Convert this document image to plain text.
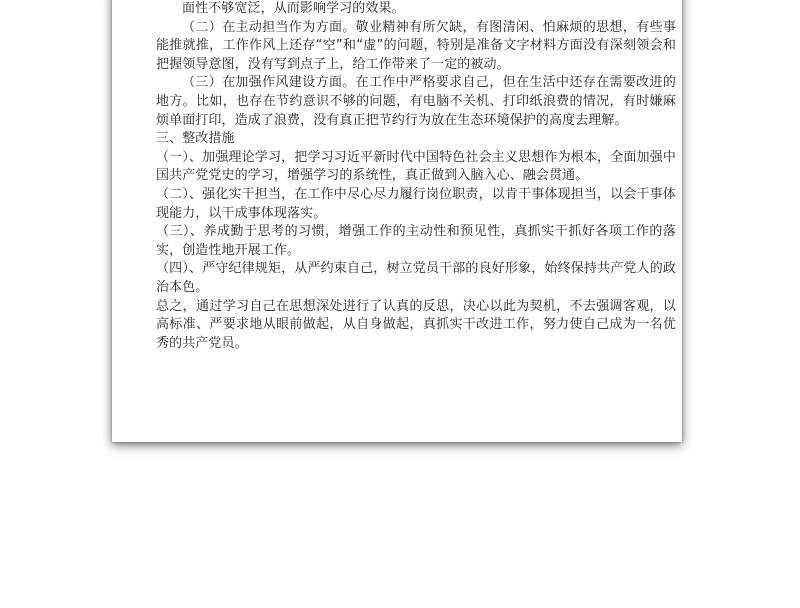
面性不够宽泛，从而影响学习的效果。

（二）在主动担当作为方面。敬业精神有所欠缺，有图清闲、怕麻烦的思想，有些事能推就推，工作作风上还存“空”和“虚”的问题，特别是准备文字材料方面没有深刻领会和把握领导意图，没有写到点子上，给工作带来了一定的被动。

（三）在加强作风建设方面。在工作中严格要求自己，但在生活中还存在需要改进的地方。比如，也存在节约意识不够的问题，有电脑不关机、打印纸浪费的情况，有时嫌麻烦单面打印，造成了浪费，没有真正把节约行为放在生态环境保护的高度去理解。

三、整改措施

（一）、加强理论学习，把学习习近平新时代中国特色社会主义思想作为根本，全面加强中国共产党党史的学习，增强学习的系统性，真正做到入脑入心、融会贯通。

（二）、强化实干担当，在工作中尽心尽力履行岗位职责，以肯干事体现担当，以会干事体现能力，以干成事体现落实。

（三）、养成勤于思考的习惯，增强工作的主动性和预见性，真抓实干抓好各项工作的落实，创造性地开展工作。

（四）、严守纪律规矩，从严约束自己，树立党员干部的良好形象，始终保持共产党人的政治本色。

总之，通过学习自己在思想深处进行了认真的反思，决心以此为契机，不去强调客观，以高标准、严要求地从眼前做起，从自身做起，真抓实干改进工作，努力使自己成为一名优秀的共产党员。
